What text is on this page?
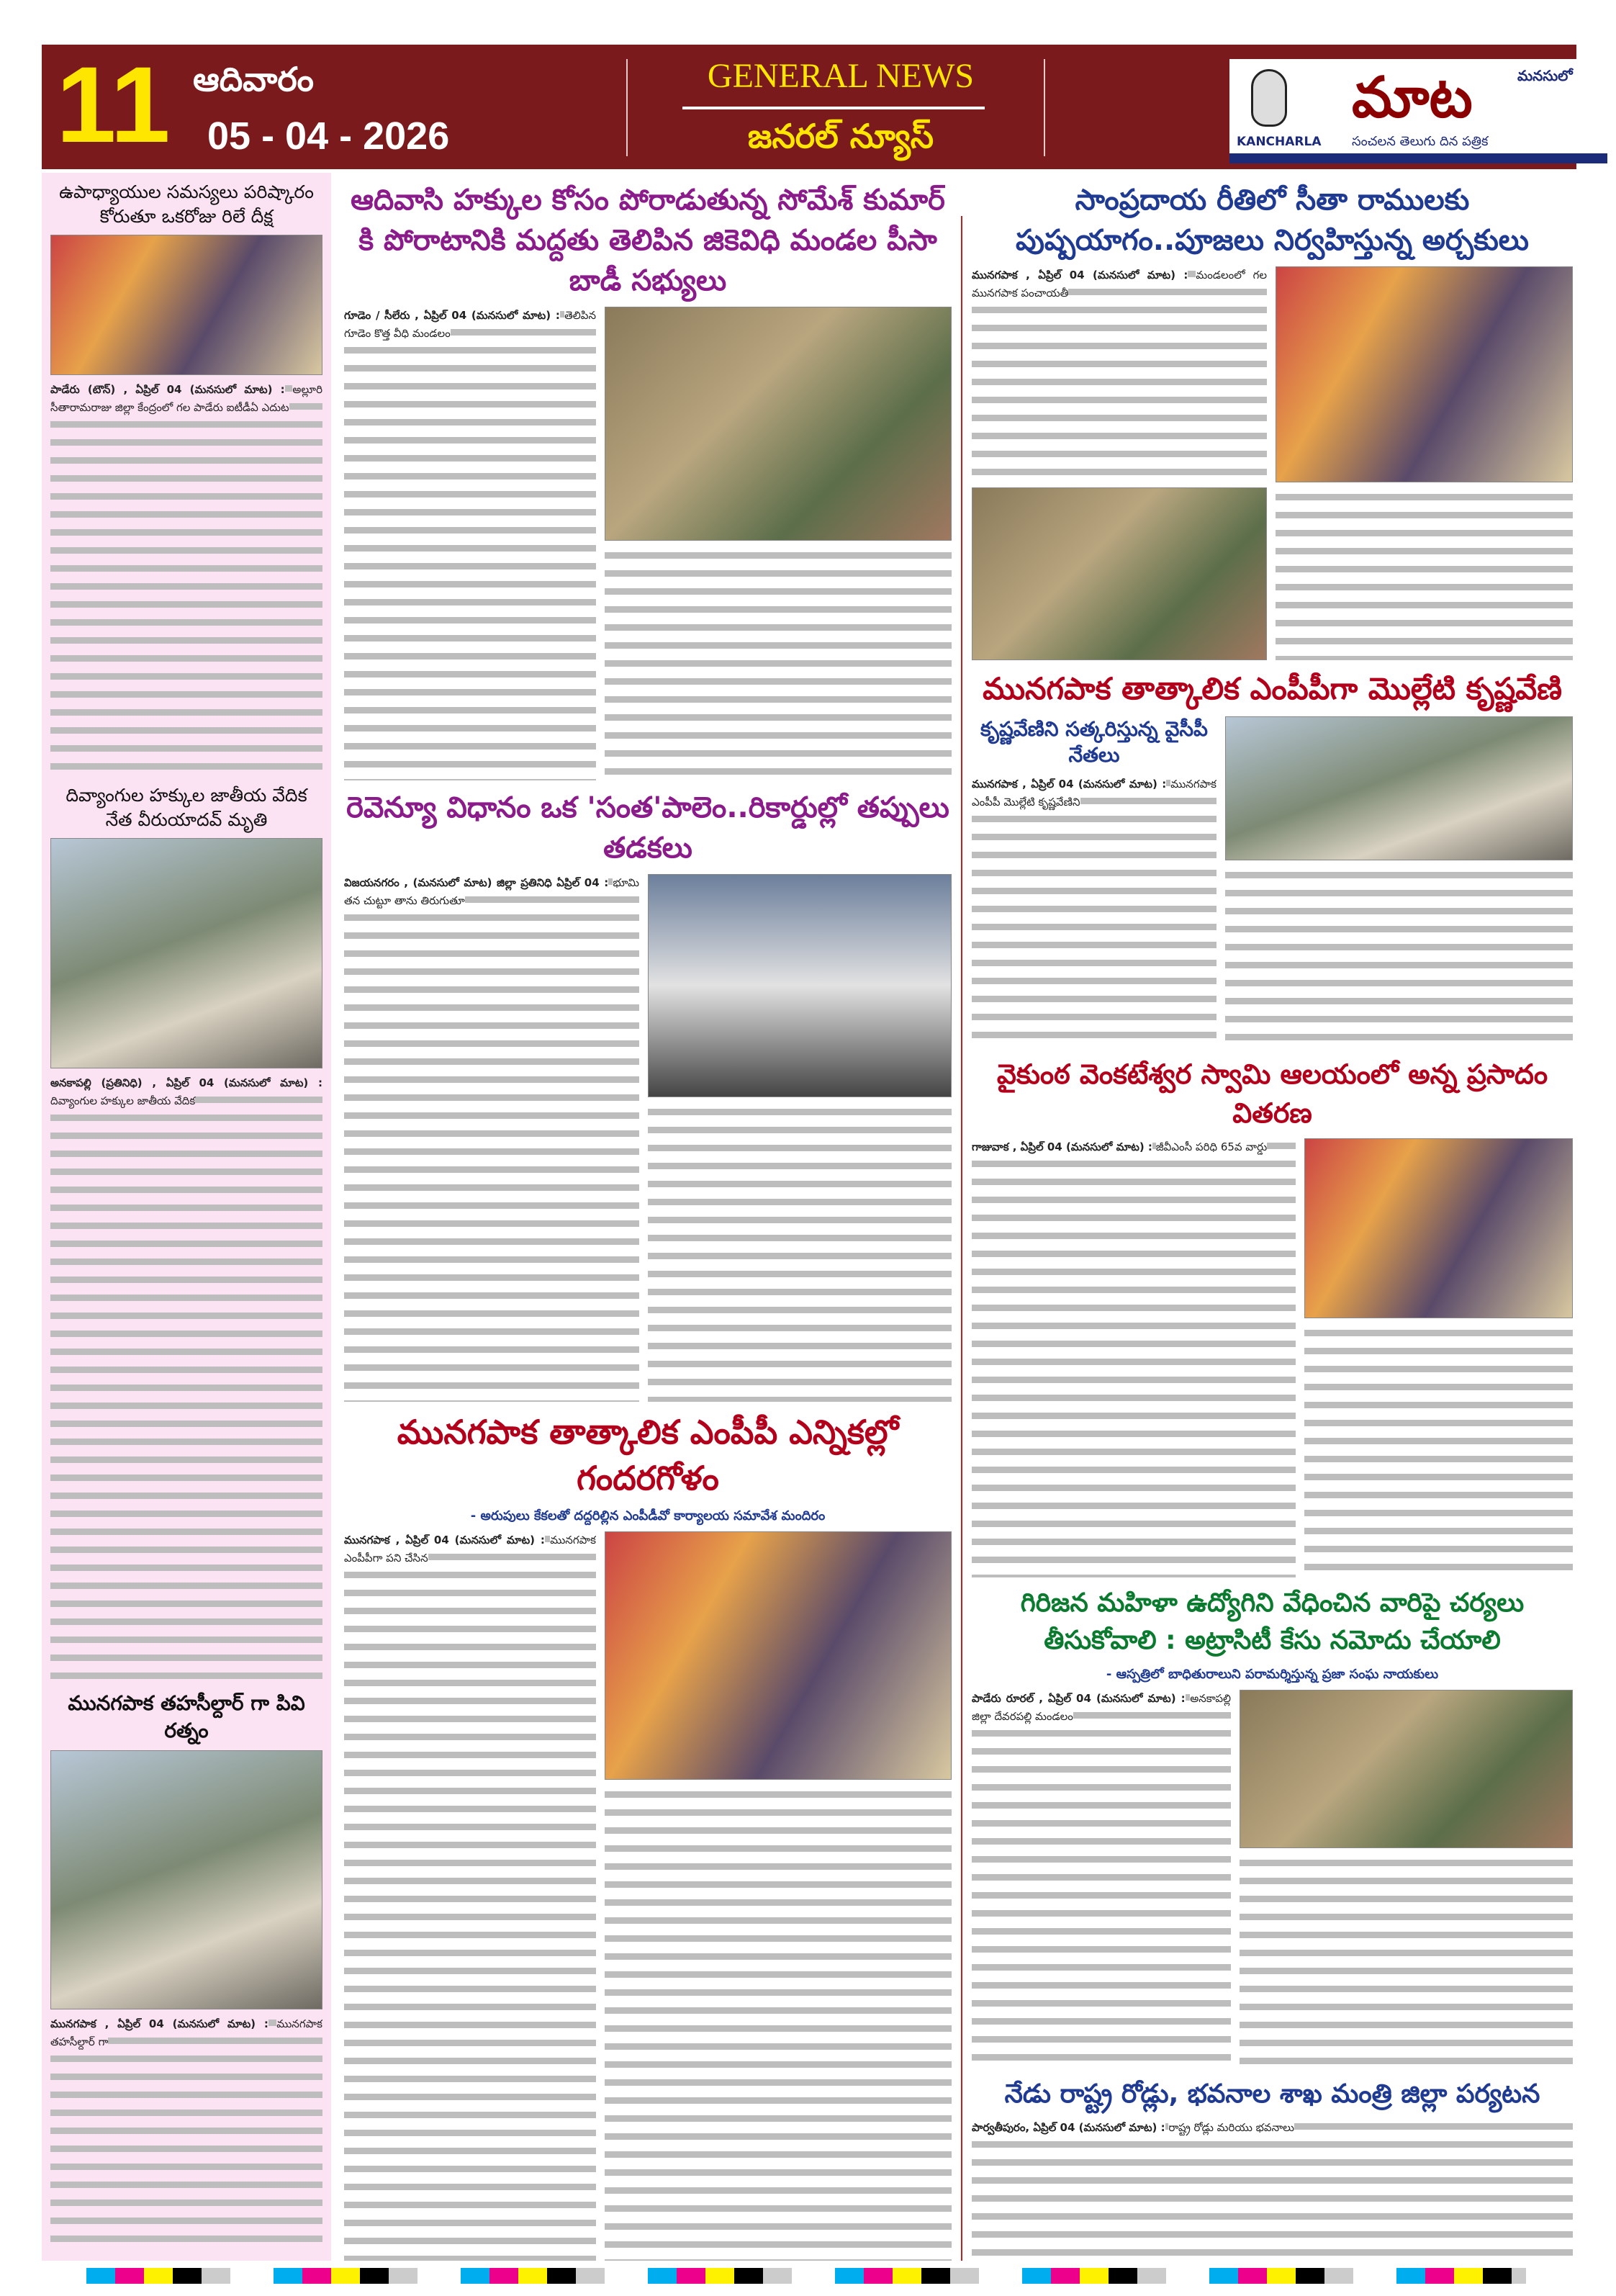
11 ఆదివారం
05 - 04 - 2026
GENERAL NEWS
జనరల్ న్యూస్
మాట	మనసులో
KANCHARLA సంచలన తెలుగు దిన పత్రిక
ఉపాధ్యాయుల సమస్యలు పరిష్కారం కోరుతూ ఒకరోజు రిలే దీక్ష
పాడేరు (టౌన్) , ఏప్రిల్ 04 (మనసులో మాట) : అల్లూరి సీతారామరాజు జిల్లా కేంద్రంలో గల పాడేరు ఐటీడీఏ ఎదుట
దివ్యాంగుల హక్కుల జాతీయ వేదిక నేత వీరుయాదవ్ మృతి
అనకాపల్లి (ప్రతినిధి) , ఏప్రిల్ 04 (మనసులో మాట) : దివ్యాంగుల హక్కుల జాతీయ వేదిక
మునగపాక తహసీల్దార్ గా పివి రత్నం
మునగపాక , ఏప్రిల్ 04 (మనసులో మాట) : మునగపాక తహసీల్దార్ గా
ఆదివాసి హక్కుల కోసం పోరాడుతున్న సోమేశ్ కుమార్ కి పోరాటానికి మద్దతు తెలిపిన జికెవిధి మండల పీసా బాడీ సభ్యులు
గూడెం / సీలేరు , ఏప్రిల్ 04 (మనసులో మాట) : తెలిపిన గూడెం కొత్త వీధి మండలం
రెవెన్యూ విధానం ఒక 'సంత'పాలెం..రికార్డుల్లో తప్పులు తడకలు
విజయనగరం , (మనసులో మాట) జిల్లా ప్రతినిధి ఏప్రిల్ 04 : భూమి తన చుట్టూ తాను తిరుగుతూ
మునగపాక తాత్కాలిక ఎంపీపీ ఎన్నికల్లో గందరగోళం
- అరుపులు కేకలతో దద్దరిల్లిన ఎంపీడీవో కార్యాలయ సమావేశ మందిరం
మునగపాక , ఏప్రిల్ 04 (మనసులో మాట) : మునగపాక ఎంపీపీగా పని చేసిన
సాంప్రదాయ రీతిలో సీతా రాములకు పుష్పయాగం..పూజలు నిర్వహిస్తున్న అర్చకులు
మునగపాక , ఏప్రిల్ 04 (మనసులో మాట) : మండలంలో గల మునగపాక పంచాయతీ
మునగపాక తాత్కాలిక ఎంపీపీగా మొల్లేటి కృష్ణవేణి
కృష్ణవేణిని సత్కరిస్తున్న వైసీపీ నేతలు
మునగపాక , ఏప్రిల్ 04 (మనసులో మాట) : మునగపాక ఎంపీపీ మొల్లేటి కృష్ణవేణిని
వైకుంఠ వెంకటేశ్వర స్వామి ఆలయంలో అన్న ప్రసాదం వితరణ
గాజువాక , ఏప్రిల్ 04 (మనసులో మాట) : జీవీఎంసీ పరిధి 65వ వార్డు
గిరిజన మహిళా ఉద్యోగిని వేధించిన వారిపై చర్యలు తీసుకోవాలి : అట్రాసిటీ కేసు నమోదు చేయాలి
- ఆస్పత్రిలో బాధితురాలుని పరామర్శిస్తున్న ప్రజా సంఘ నాయకులు
పాడేరు రూరల్ , ఏప్రిల్ 04 (మనసులో మాట) : అనకాపల్లి జిల్లా దేవరపల్లి మండలం
నేడు రాష్ట్ర రోడ్లు, భవనాల శాఖ మంత్రి జిల్లా పర్యటన
పార్వతీపురం, ఏప్రిల్ 04 (మనసులో మాట) : రాష్ట్ర రోడ్లు మరియు భవనాలు
